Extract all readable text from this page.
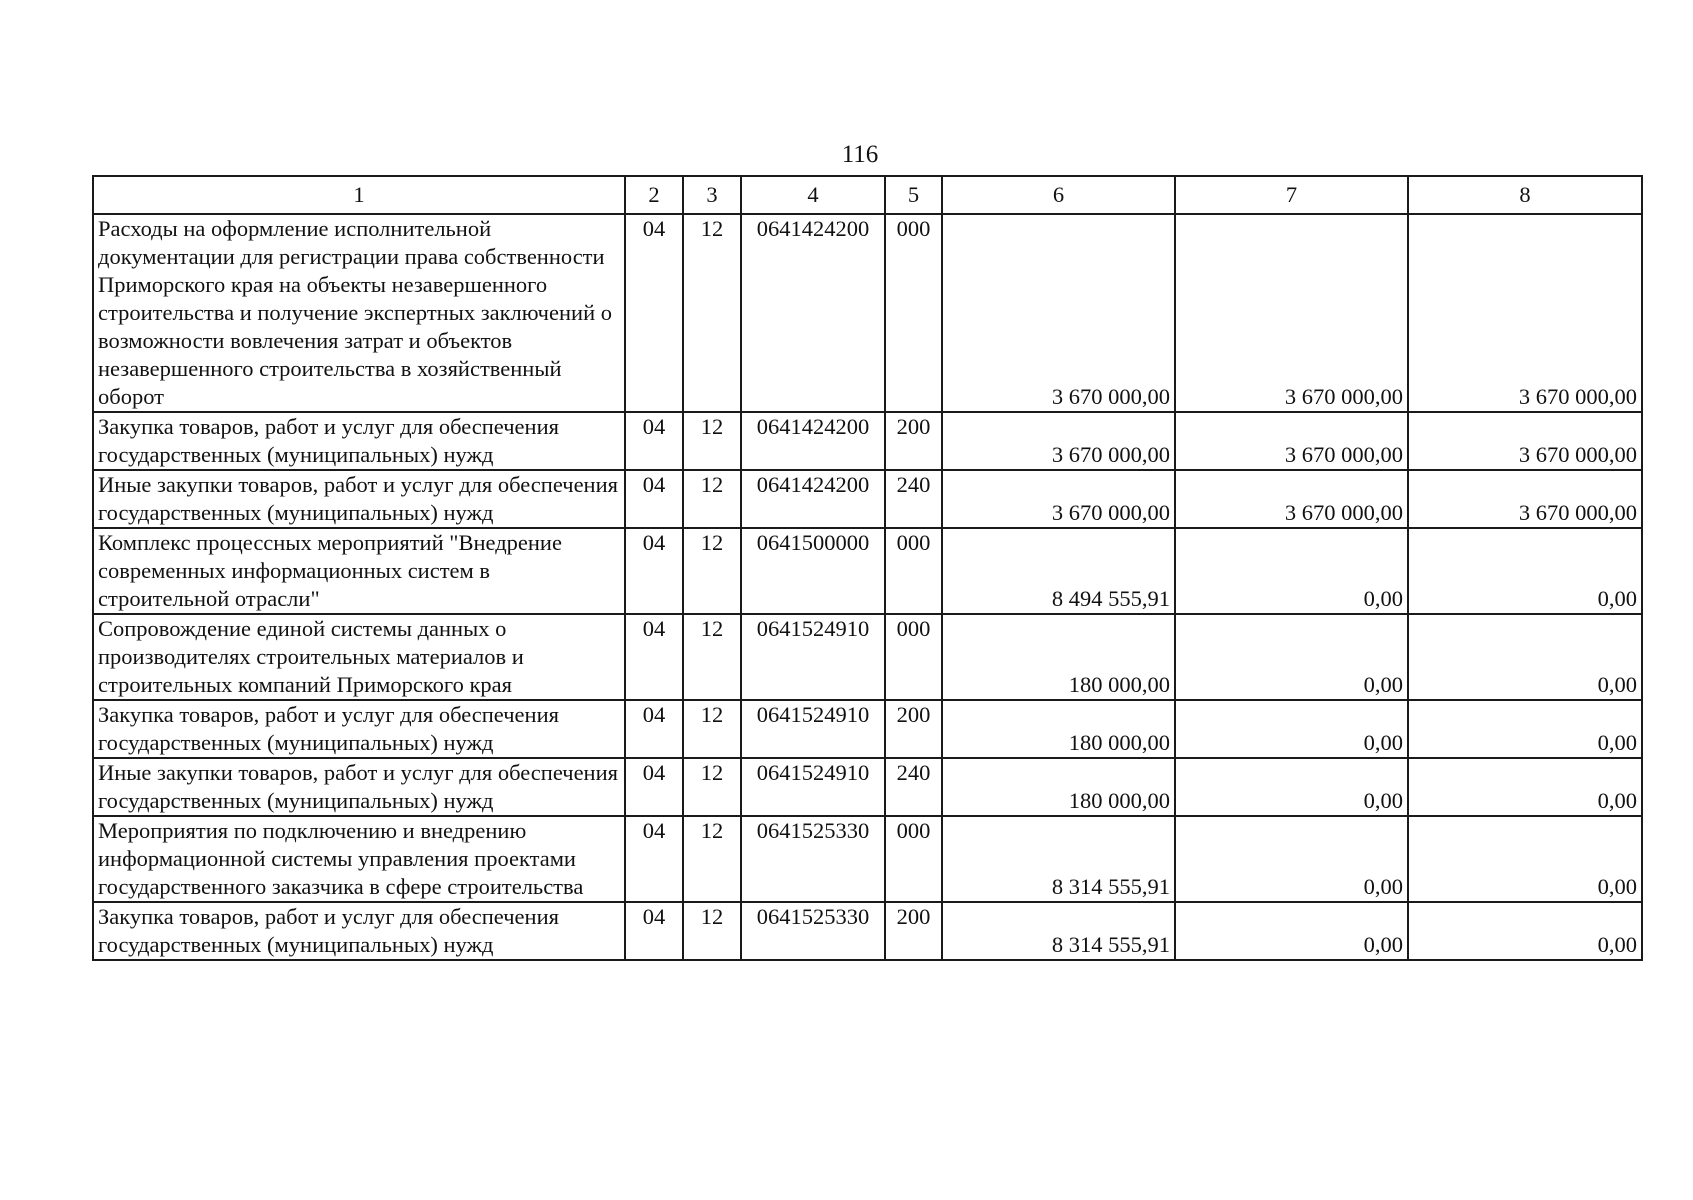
116
1	2	3	4	5	6	7	8
Расходы на оформление исполнительной документации для регистрации права собственности Приморского края на объекты незавершенного строительства и получение экспертных заключений о возможности вовлечения затрат и объектов незавершенного строительства в хозяйственный оборот	04	12	0641424200	000	3 670 000,00	3 670 000,00	3 670 000,00
Закупка товаров, работ и услуг для обеспечения государственных (муниципальных) нужд	04	12	0641424200	200	3 670 000,00	3 670 000,00	3 670 000,00
Иные закупки товаров, работ и услуг для обеспечения государственных (муниципальных) нужд	04	12	0641424200	240	3 670 000,00	3 670 000,00	3 670 000,00
Комплекс процессных мероприятий "Внедрение современных информационных систем в строительной отрасли"	04	12	0641500000	000	8 494 555,91	0,00	0,00
Сопровождение единой системы данных о производителях строительных материалов и строительных компаний Приморского края	04	12	0641524910	000	180 000,00	0,00	0,00
Закупка товаров, работ и услуг для обеспечения государственных (муниципальных) нужд	04	12	0641524910	200	180 000,00	0,00	0,00
Иные закупки товаров, работ и услуг для обеспечения государственных (муниципальных) нужд	04	12	0641524910	240	180 000,00	0,00	0,00
Мероприятия по подключению и внедрению информационной системы управления проектами государственного заказчика в сфере строительства	04	12	0641525330	000	8 314 555,91	0,00	0,00
Закупка товаров, работ и услуг для обеспечения государственных (муниципальных) нужд	04	12	0641525330	200	8 314 555,91	0,00	0,00
